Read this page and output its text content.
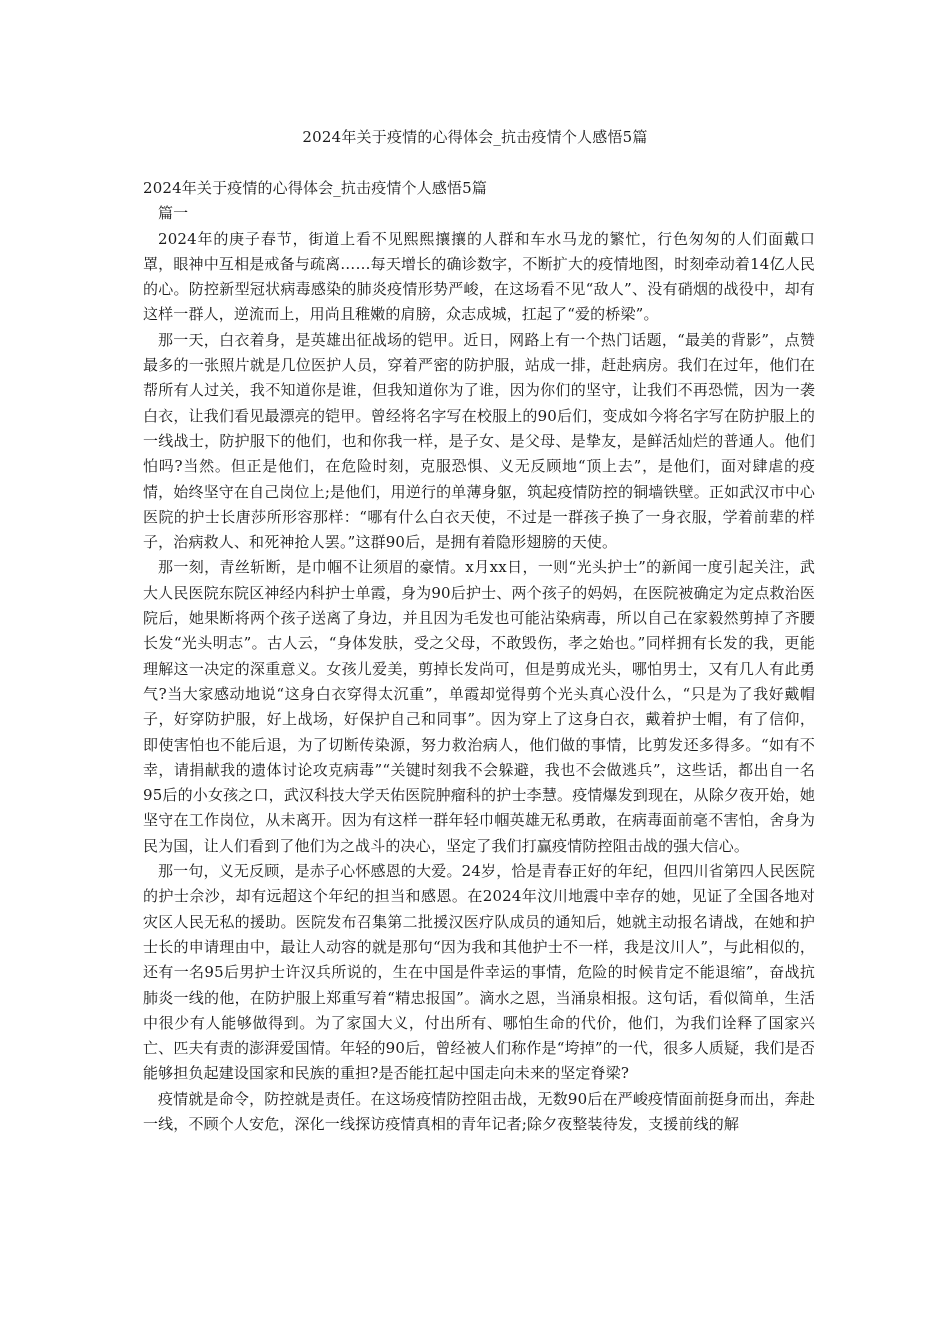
2024年关于疫情的心得体会_抗击疫情个人感悟5篇

2024年关于疫情的心得体会_抗击疫情个人感悟5篇

篇一

2024年的庚子春节，街道上看不见熙熙攘攘的人群和车水马龙的繁忙，行色匆匆的人们面戴口罩，眼神中互相是戒备与疏离……每天增长的确诊数字，不断扩大的疫情地图，时刻牵动着14亿人民的心。防控新型冠状病毒感染的肺炎疫情形势严峻，在这场看不见“敌人”、没有硝烟的战役中，却有这样一群人，逆流而上，用尚且稚嫩的肩膀，众志成城，扛起了“爱的桥梁”。

那一天，白衣着身，是英雄出征战场的铠甲。近日，网路上有一个热门话题，“最美的背影”，点赞最多的一张照片就是几位医护人员，穿着严密的防护服，站成一排，赶赴病房。我们在过年，他们在帮所有人过关，我不知道你是谁，但我知道你为了谁，因为你们的坚守，让我们不再恐慌，因为一袭白衣，让我们看见最漂亮的铠甲。曾经将名字写在校服上的90后们，变成如今将名字写在防护服上的一线战士，防护服下的他们，也和你我一样，是子女、是父母、是挚友，是鲜活灿烂的普通人。他们怕吗?当然。但正是他们，在危险时刻，克服恐惧、义无反顾地“顶上去”，是他们，面对肆虐的疫情，始终坚守在自己岗位上;是他们，用逆行的单薄身躯，筑起疫情防控的铜墙铁壁。正如武汉市中心医院的护士长唐莎所形容那样：“哪有什么白衣天使，不过是一群孩子换了一身衣服，学着前辈的样子，治病救人、和死神抢人罢。”这群90后，是拥有着隐形翅膀的天使。

那一刻，青丝斩断，是巾帼不让须眉的豪情。x月xx日，一则“光头护士”的新闻一度引起关注，武大人民医院东院区神经内科护士单霞，身为90后护士、两个孩子的妈妈，在医院被确定为定点救治医院后，她果断将两个孩子送离了身边，并且因为毛发也可能沾染病毒，所以自己在家毅然剪掉了齐腰长发“光头明志”。古人云，“身体发肤，受之父母，不敢毁伤，孝之始也。”同样拥有长发的我，更能理解这一决定的深重意义。女孩儿爱美，剪掉长发尚可，但是剪成光头，哪怕男士，又有几人有此勇气?当大家感动地说“这身白衣穿得太沉重”，单霞却觉得剪个光头真心没什么，“只是为了我好戴帽子，好穿防护服，好上战场，好保护自己和同事”。因为穿上了这身白衣，戴着护士帽，有了信仰，即使害怕也不能后退，为了切断传染源，努力救治病人，他们做的事情，比剪发还多得多。“如有不幸，请捐献我的遗体讨论攻克病毒”“关键时刻我不会躲避，我也不会做逃兵”，这些话，都出自一名95后的小女孩之口，武汉科技大学天佑医院肿瘤科的护士李慧。疫情爆发到现在，从除夕夜开始，她坚守在工作岗位，从未离开。因为有这样一群年轻巾帼英雄无私勇敢，在病毒面前毫不害怕，舍身为民为国，让人们看到了他们为之战斗的决心，坚定了我们打赢疫情防控阻击战的强大信心。

那一句，义无反顾，是赤子心怀感恩的大爱。24岁，恰是青春正好的年纪，但四川省第四人民医院的护士佘沙，却有远超这个年纪的担当和感恩。在2024年汶川地震中幸存的她，见证了全国各地对灾区人民无私的援助。医院发布召集第二批援汉医疗队成员的通知后，她就主动报名请战，在她和护士长的申请理由中，最让人动容的就是那句“因为我和其他护士不一样，我是汶川人”，与此相似的，还有一名95后男护士许汉兵所说的，生在中国是件幸运的事情，危险的时候肯定不能退缩”，奋战抗肺炎一线的他，在防护服上郑重写着“精忠报国”。滴水之恩，当涌泉相报。这句话，看似简单，生活中很少有人能够做得到。为了家国大义，付出所有、哪怕生命的代价，他们，为我们诠释了国家兴亡、匹夫有责的澎湃爱国情。年轻的90后，曾经被人们称作是“垮掉”的一代，很多人质疑，我们是否能够担负起建设国家和民族的重担?是否能扛起中国走向未来的坚定脊梁?

疫情就是命令，防控就是责任。在这场疫情防控阻击战，无数90后在严峻疫情面前挺身而出，奔赴一线，不顾个人安危，深化一线探访疫情真相的青年记者;除夕夜整装待发，支援前线的解
